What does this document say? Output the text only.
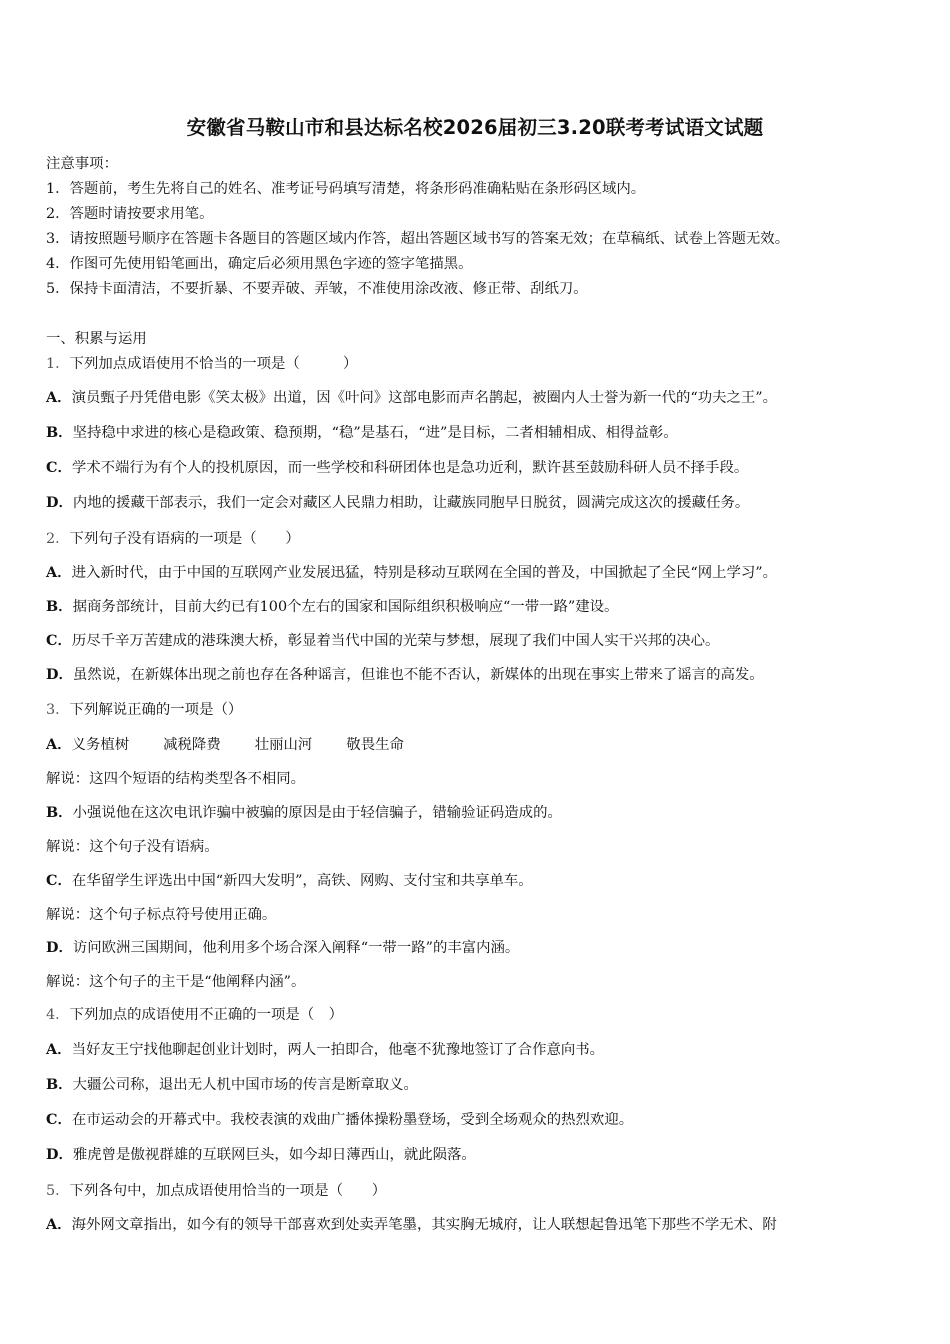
安徽省马鞍山市和县达标名校2026届初三3.20联考考试语文试题
注意事项：
1．答题前，考生先将自己的姓名、准考证号码填写清楚，将条形码准确粘贴在条形码区域内。
2．答题时请按要求用笔。
3．请按照题号顺序在答题卡各题目的答题区域内作答，超出答题区域书写的答案无效；在草稿纸、试卷上答题无效。
4．作图可先使用铅笔画出，确定后必须用黑色字迹的签字笔描黑。
5．保持卡面清洁，不要折暴、不要弄破、弄皱，不准使用涂改液、修正带、刮纸刀。
一、积累与运用
1．下列加点成语使用不恰当的一项是（　　　）
A．演员甄子丹凭借电影《笑太极》出道，因《叶问》这部电影而声名鹊起，被圈内人士誉为新一代的“功夫之王”。
B．坚持稳中求进的核心是稳政策、稳预期，“稳”是基石，“进”是目标，二者相辅相成、相得益彰。
C．学术不端行为有个人的投机原因，而一些学校和科研团体也是急功近利，默许甚至鼓励科研人员不择手段。
D．内地的援藏干部表示，我们一定会对藏区人民鼎力相助，让藏族同胞早日脱贫，圆满完成这次的援藏任务。
2．下列句子没有语病的一项是（　　）
A．进入新时代，由于中国的互联网产业发展迅猛，特别是移动互联网在全国的普及，中国掀起了全民“网上学习”。
B．据商务部统计，目前大约已有100个左右的国家和国际组织积极响应“一带一路”建设。
C．历尽千辛万苦建成的港珠澳大桥，彰显着当代中国的光荣与梦想，展现了我们中国人实干兴邦的决心。
D．虽然说，在新媒体出现之前也存在各种谣言，但谁也不能不否认，新媒体的出现在事实上带来了谣言的高发。
3．下列解说正确的一项是（）
A．义务植树 减税降费 壮丽山河 敬畏生命
解说：这四个短语的结构类型各不相同。
B．小强说他在这次电讯诈骗中被骗的原因是由于轻信骗子，错输验证码造成的。
解说：这个句子没有语病。
C．在华留学生评选出中国“新四大发明”，高铁、网购、支付宝和共享单车。
解说：这个句子标点符号使用正确。
D．访问欧洲三国期间，他利用多个场合深入阐释“一带一路”的丰富内涵。
解说：这个句子的主干是“他阐释内涵”。
4．下列加点的成语使用不正确的一项是（　）
A．当好友王宁找他聊起创业计划时，两人一拍即合，他毫不犹豫地签订了合作意向书。
B．大疆公司称，退出无人机中国市场的传言是断章取义。
C．在市运动会的开幕式中。我校表演的戏曲广播体操粉墨登场，受到全场观众的热烈欢迎。
D．雅虎曾是傲视群雄的互联网巨头，如今却日薄西山，就此陨落。
5．下列各句中，加点成语使用恰当的一项是（　　）
A．海外网文章指出，如今有的领导干部喜欢到处卖弄笔墨，其实胸无城府，让人联想起鲁迅笔下那些不学无术、附
